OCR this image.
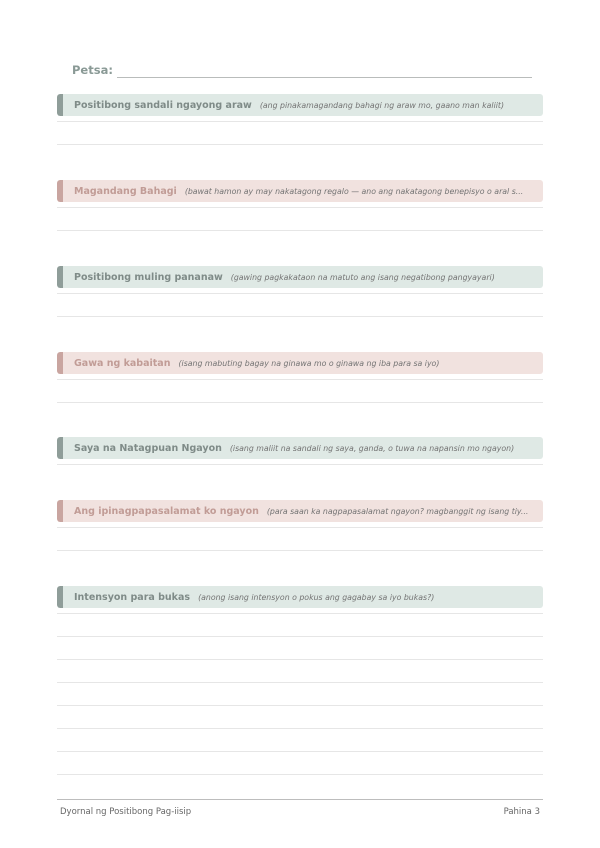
Petsa:
Positibong sandali ngayong araw (ang pinakamagandang bahagi ng araw mo, gaano man kaliit)
Magandang Bahagi (bawat hamon ay may nakatagong regalo — ano ang nakatagong benepisyo o aral s...
Positibong muling pananaw (gawing pagkakataon na matuto ang isang negatibong pangyayari)
Gawa ng kabaitan (isang mabuting bagay na ginawa mo o ginawa ng iba para sa iyo)
Saya na Natagpuan Ngayon (isang maliit na sandali ng saya, ganda, o tuwa na napansin mo ngayon)
Ang ipinagpapasalamat ko ngayon (para saan ka nagpapasalamat ngayon? magbanggit ng isang tiy...
Intensyon para bukas (anong isang intensyon o pokus ang gagabay sa iyo bukas?)
Dyornal ng Positibong Pag-iisip	Pahina 3
